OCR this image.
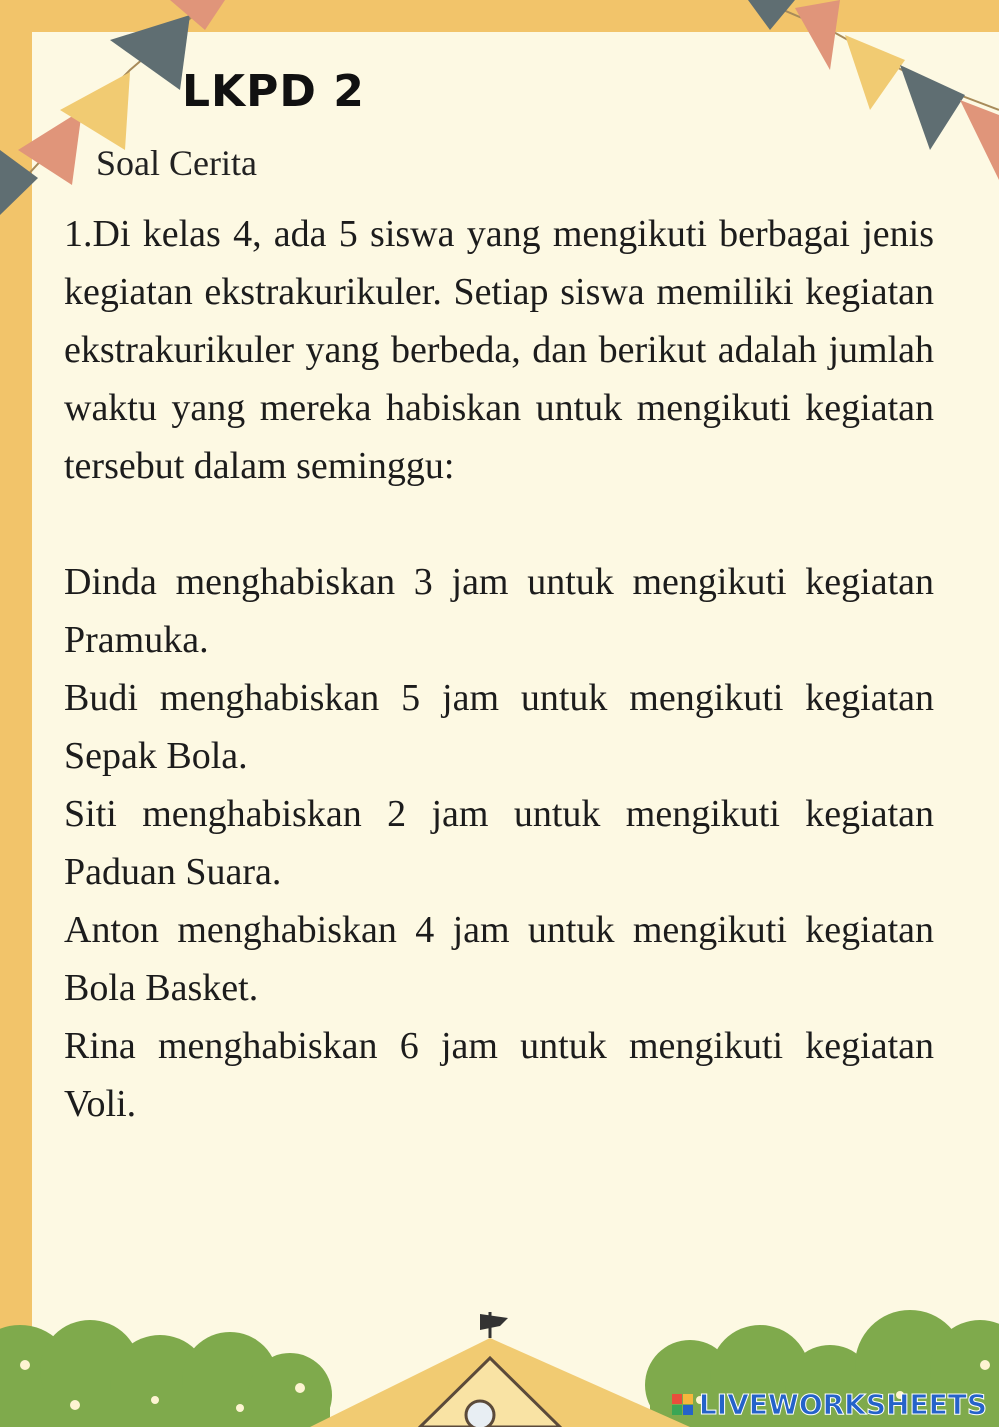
LKPD 2
Soal Cerita

1.Di kelas 4, ada 5 siswa yang mengikuti berbagai jenis kegiatan ekstrakurikuler. Setiap siswa memiliki kegiatan ekstrakurikuler yang berbeda, dan berikut adalah jumlah waktu yang mereka habiskan untuk mengikuti kegiatan tersebut dalam seminggu:

Dinda menghabiskan 3 jam untuk mengikuti kegiatan Pramuka.

Budi menghabiskan 5 jam untuk mengikuti kegiatan Sepak Bola.

Siti menghabiskan 2 jam untuk mengikuti kegiatan Paduan Suara.

Anton menghabiskan 4 jam untuk mengikuti kegiatan Bola Basket.

Rina menghabiskan 6 jam untuk mengikuti kegiatan Voli.

LIVEWORKSHEETS
